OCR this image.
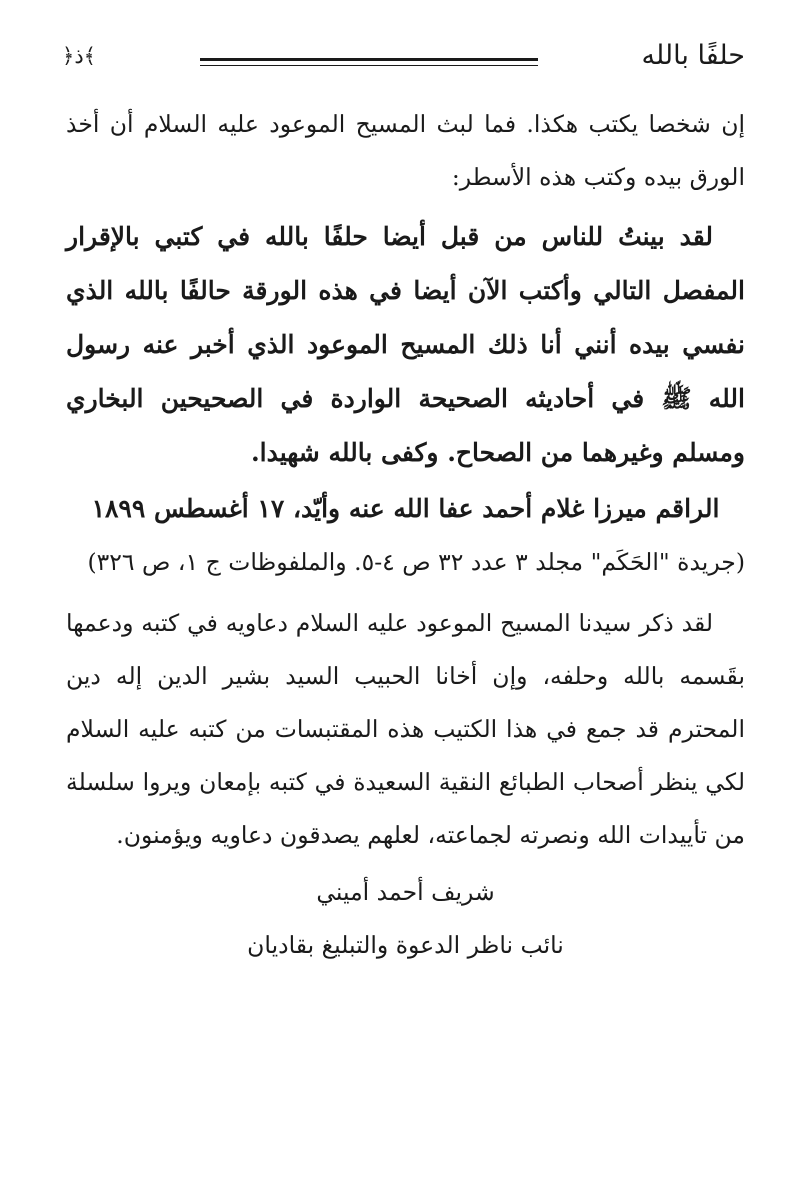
حلفًا بالله
﴿ذ﴾

إن شخصا يكتب هكذا. فما لبث المسيح الموعود عليه السلام أن أخذ الورق بيده وكتب هذه الأسطر:

لقد بينتُ للناس من قبل أيضا حلفًا بالله في كتبي بالإقرار المفصل التالي وأكتب الآن أيضا في هذه الورقة حالفًا بالله الذي نفسي بيده أنني أنا ذلك المسيح الموعود الذي أخبر عنه رسول الله ﷺ في أحاديثه الصحيحة الواردة في الصحيحين البخاري ومسلم وغيرهما من الصحاح. وكفى بالله شهيدا.

الراقم ميرزا غلام أحمد عفا الله عنه وأيّد، ١٧ أغسطس ١٨٩٩

(جريدة "الحَكَم" مجلد ٣ عدد ٣٢ ص ٤-٥. والملفوظات ج ١، ص ٣٢٦)

لقد ذكر سيدنا المسيح الموعود عليه السلام دعاويه في كتبه ودعمها بقَسمه بالله وحلفه، وإن أخانا الحبيب السيد بشير الدين إله دين المحترم قد جمع في هذا الكتيب هذه المقتبسات من كتبه عليه السلام لكي ينظر أصحاب الطبائع النقية السعيدة في كتبه بإمعان ويروا سلسلة من تأييدات الله ونصرته لجماعته، لعلهم يصدقون دعاويه ويؤمنون.

شريف أحمد أميني

نائب ناظر الدعوة والتبليغ بقاديان
